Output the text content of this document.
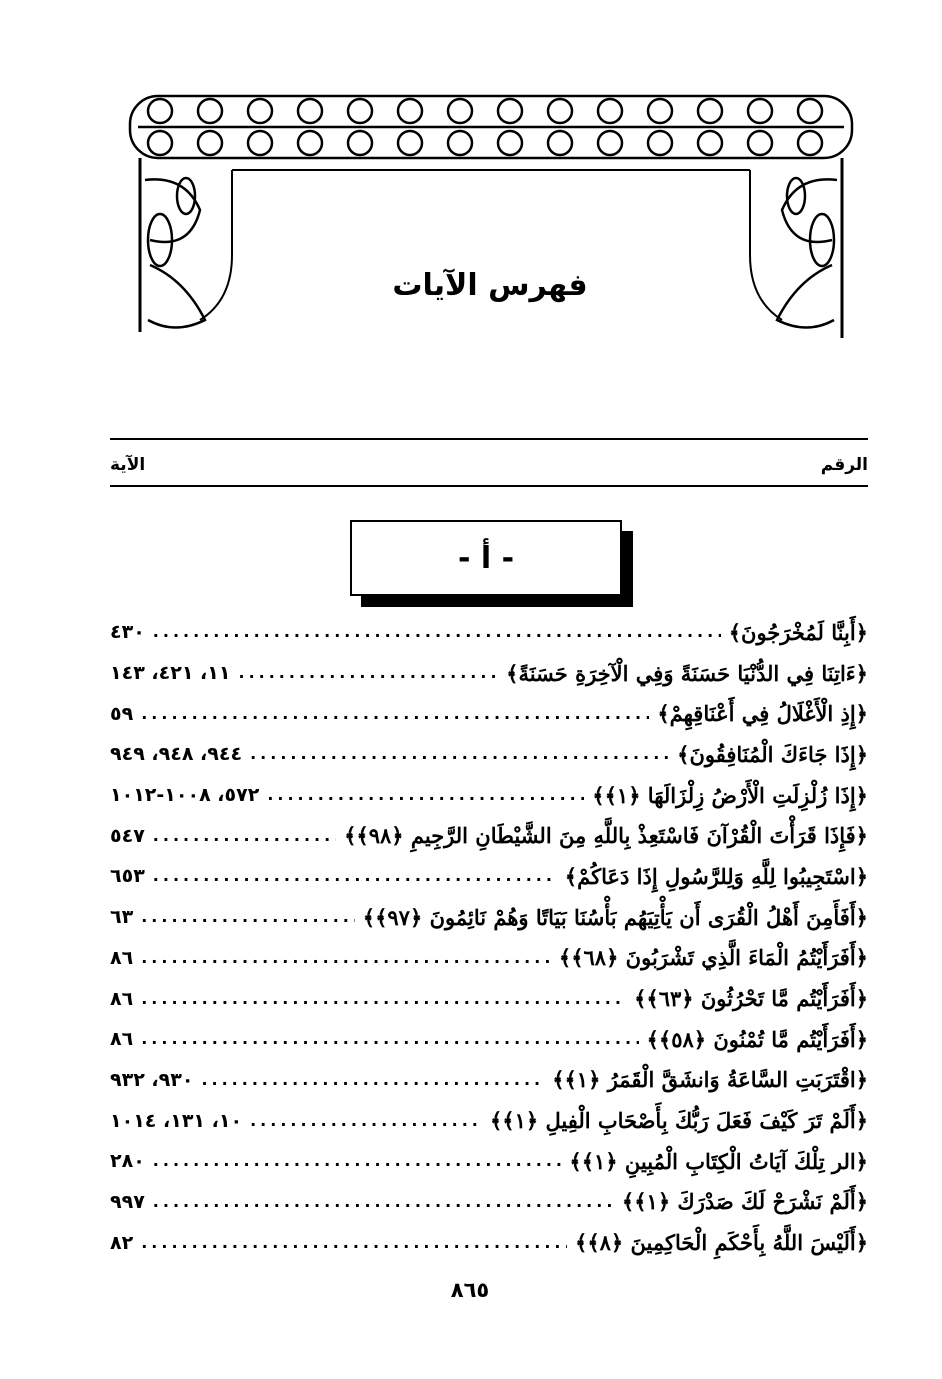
فهرس الآيات
الآية	الرقم
- أ -
﴿أَبِنَّا لَمُخْرَجُونَ﴾
.....
٤٣٠
﴿ءَاتِنَا فِي الدُّنْيَا حَسَنَةً وَفِي الْآخِرَةِ حَسَنَةً﴾
.....
١١، ٤٢١، ١٤٣
﴿إِذِ الْأَغْلَالُ فِي أَعْنَاقِهِمْ﴾
.....
٥٩
﴿إِذَا جَاءَكَ الْمُنَافِقُونَ﴾
.....
٩٤٤، ٩٤٨، ٩٤٩
﴿إِذَا زُلْزِلَتِ الْأَرْضُ زِلْزَالَهَا ﴿١﴾﴾
.....
٥٧٢، ١٠٠٨-١٠١٢
﴿فَإِذَا قَرَأْتَ الْقُرْآنَ فَاسْتَعِذْ بِاللَّهِ مِنَ الشَّيْطَانِ الرَّجِيمِ ﴿٩٨﴾﴾
.....
٥٤٧
﴿اسْتَجِيبُوا لِلَّهِ وَلِلرَّسُولِ إِذَا دَعَاكُمْ﴾
.....
٦٥٣
﴿أَفَأَمِنَ أَهْلُ الْقُرَى أَن يَأْتِيَهُم بَأْسُنَا بَيَاتًا وَهُمْ نَائِمُونَ ﴿٩٧﴾﴾
.....
٦٣
﴿أَفَرَأَيْتُمُ الْمَاءَ الَّذِي تَشْرَبُونَ ﴿٦٨﴾﴾
.....
٨٦
﴿أَفَرَأَيْتُم مَّا تَحْرُثُونَ ﴿٦٣﴾﴾
.....
٨٦
﴿أَفَرَأَيْتُم مَّا تُمْنُونَ ﴿٥٨﴾﴾
.....
٨٦
﴿اقْتَرَبَتِ السَّاعَةُ وَانشَقَّ الْقَمَرُ ﴿١﴾﴾
.....
٩٣٠، ٩٣٢
﴿أَلَمْ تَرَ كَيْفَ فَعَلَ رَبُّكَ بِأَصْحَابِ الْفِيلِ ﴿١﴾﴾
.....
١٠، ١٣١، ١٠١٤
﴿الر تِلْكَ آيَاتُ الْكِتَابِ الْمُبِينِ ﴿١﴾﴾
.....
٢٨٠
﴿أَلَمْ نَشْرَحْ لَكَ صَدْرَكَ ﴿١﴾﴾
.....
٩٩٧
﴿أَلَيْسَ اللَّهُ بِأَحْكَمِ الْحَاكِمِينَ ﴿٨﴾﴾
.....
٨٢
٨٦٥
